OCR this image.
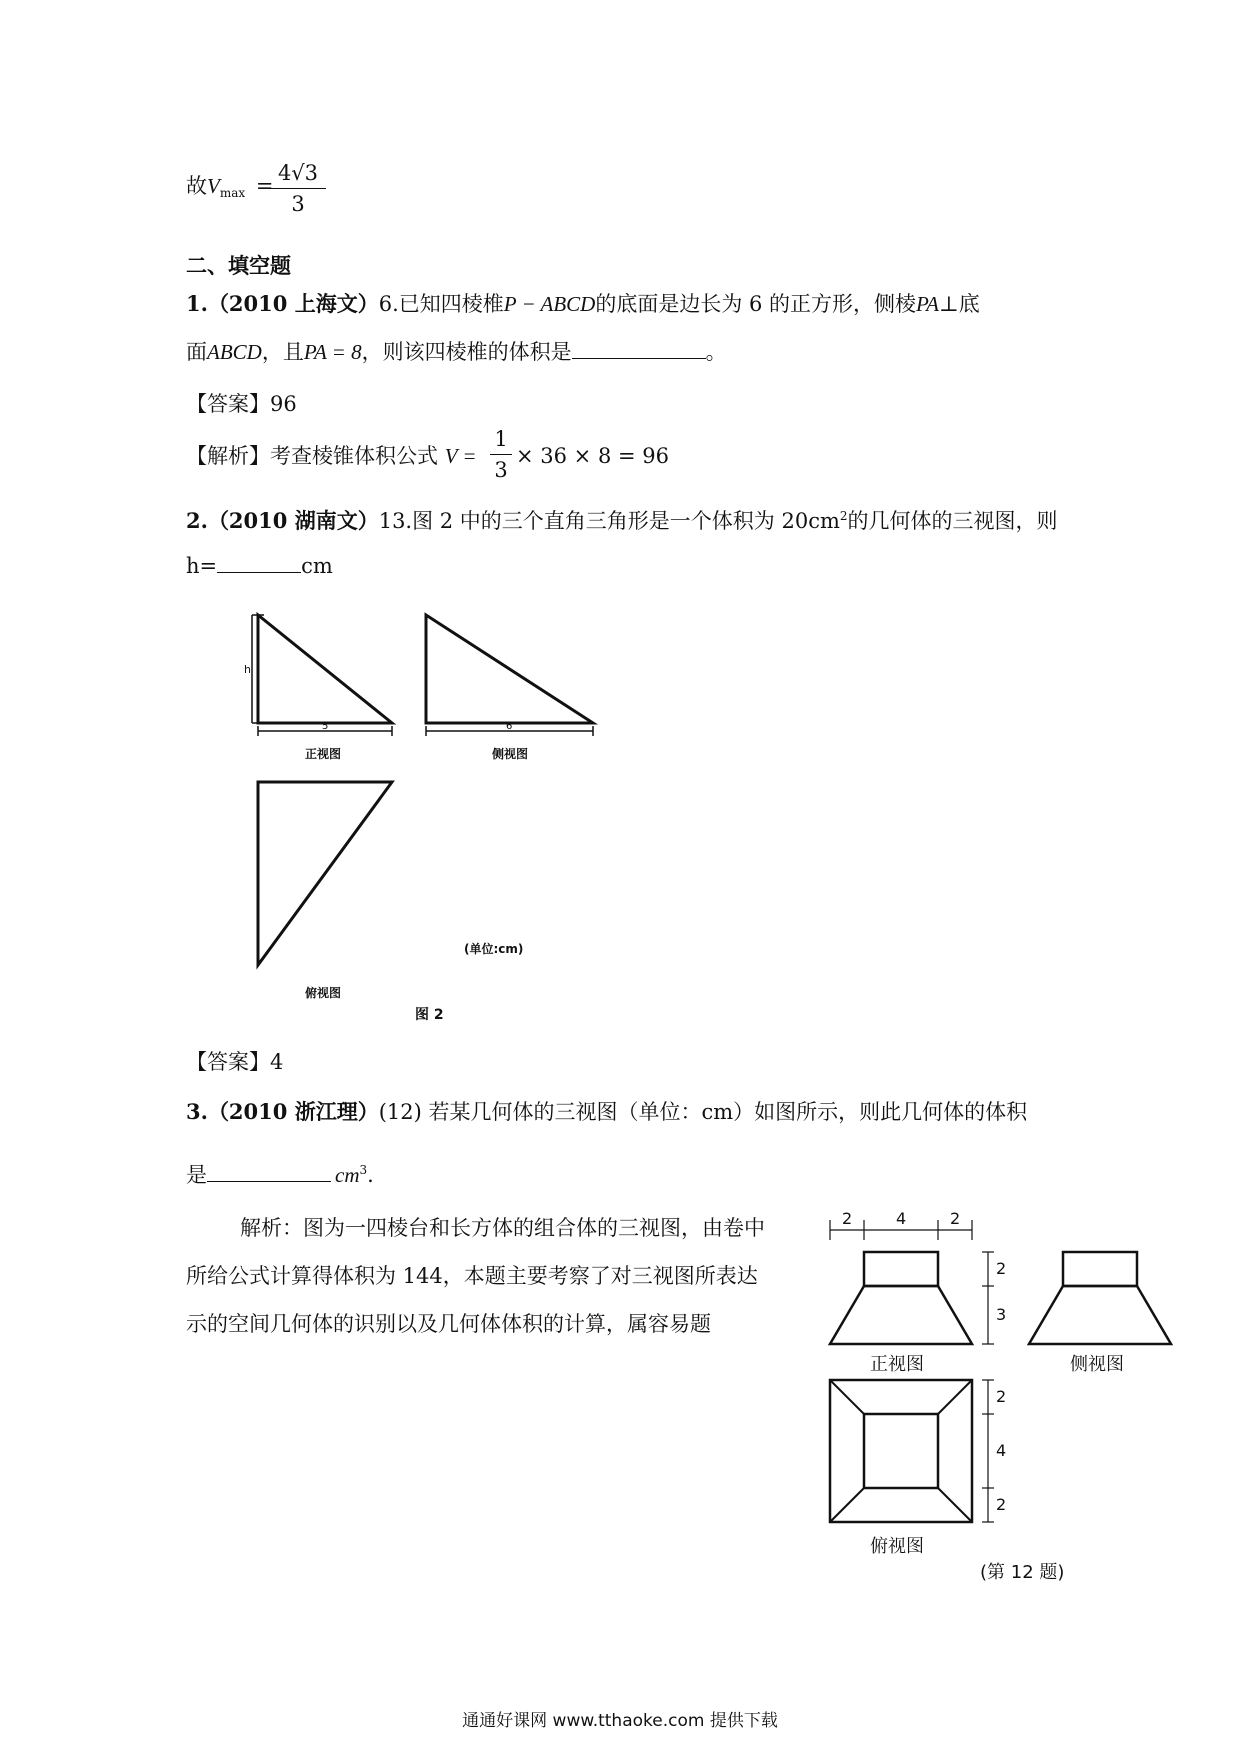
故Vmax =
$\frac{4√3}{3}$
二、填空题
1.（2010 上海文）6.已知四棱椎P − ABCD的底面是边长为 6 的正方形，侧棱PA⊥底
面ABCD，且PA = 8，则该四棱椎的体积是	。
【答案】96
【解析】考查棱锥体积公式 $V = \frac{1}{3} \times 36 \times 8 = 96$
2.（2010 湖南文）13.图 2 中的三个直角三角形是一个体积为 $20cm^2$的几何体的三视图，则
h=	cm
h
5
正视图
6
侧视图
俯视图
(单位:cm)
图 2
【答案】4
3.（2010 浙江理）(12) 若某几何体的三视图（单位：cm）如图所示，则此几何体的体积
是	$cm^3$.
解析：图为一四棱台和长方体的组合体的三视图，由卷中
所给公式计算得体积为 144，本题主要考察了对三视图所表达
示的空间几何体的识别以及几何体体积的计算，属容易题
2	4	2
2
3
2
4
2
正视图	侧视图
俯视图
(第 12 题)
通通好课网 www.tthaoke.com 提供下载
